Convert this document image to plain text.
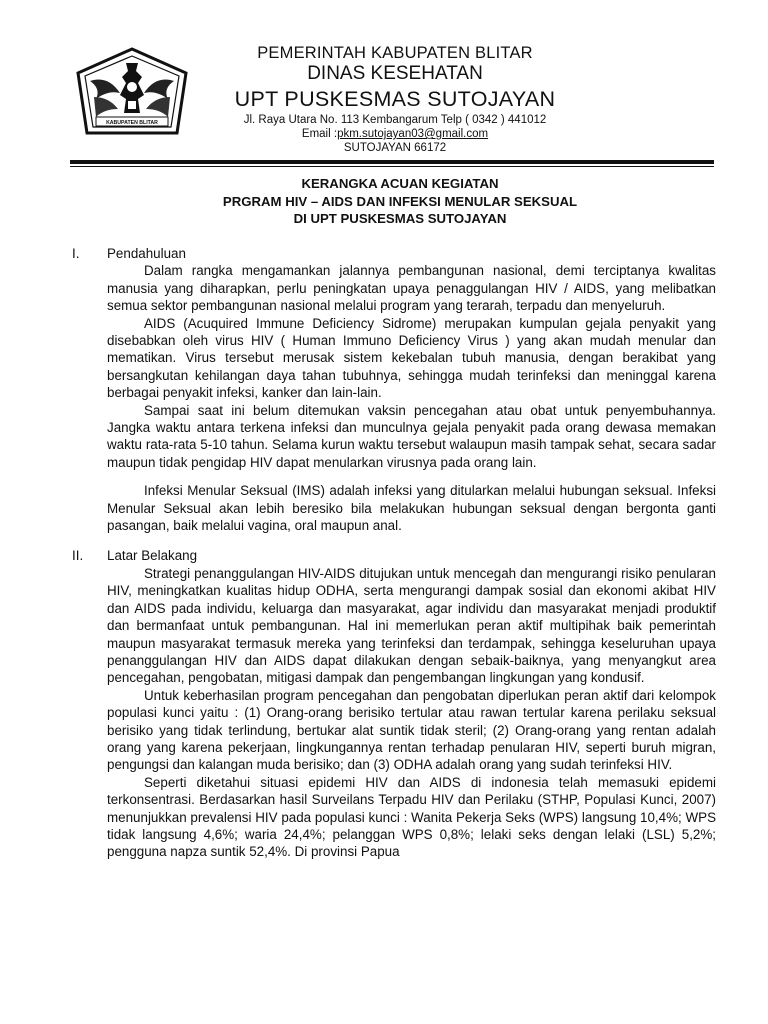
KABUPATEN BLITAR
PEMERINTAH KABUPATEN BLITAR
DINAS KESEHATAN
UPT PUSKESMAS SUTOJAYAN
Jl. Raya Utara No. 113 Kembangarum Telp ( 0342 ) 441012
Email :pkm.sutojayan03@gmail.com
SUTOJAYAN 66172
KERANGKA ACUAN KEGIATAN
PRGRAM HIV – AIDS DAN INFEKSI MENULAR SEKSUAL
DI UPT PUSKESMAS SUTOJAYAN
I. Pendahuluan

Dalam rangka mengamankan jalannya pembangunan nasional, demi terciptanya kwalitas manusia yang diharapkan, perlu peningkatan upaya penaggulangan HIV / AIDS, yang melibatkan semua sektor pembangunan nasional melalui program yang terarah, terpadu dan menyeluruh.

AIDS (Acuquired Immune Deficiency Sidrome) merupakan kumpulan gejala penyakit yang disebabkan oleh virus HIV ( Human Immuno Deficiency Virus ) yang akan mudah menular dan mematikan. Virus tersebut merusak sistem kekebalan tubuh manusia, dengan berakibat yang bersangkutan kehilangan daya tahan tubuhnya, sehingga mudah terinfeksi dan meninggal karena berbagai penyakit infeksi, kanker dan lain-lain.

Sampai saat ini belum ditemukan vaksin pencegahan atau obat untuk penyembuhannya. Jangka waktu antara terkena infeksi dan munculnya gejala penyakit pada orang dewasa memakan waktu rata-rata 5-10 tahun. Selama kurun waktu tersebut walaupun masih tampak sehat, secara sadar maupun tidak pengidap HIV dapat menularkan virusnya pada orang lain.

Infeksi Menular Seksual (IMS) adalah infeksi yang ditularkan melalui hubungan seksual. Infeksi Menular Seksual akan lebih beresiko bila melakukan hubungan seksual dengan bergonta ganti pasangan, baik melalui vagina, oral maupun anal.

II. Latar Belakang

Strategi penanggulangan HIV-AIDS ditujukan untuk mencegah dan mengurangi risiko penularan HIV, meningkatkan kualitas hidup ODHA, serta mengurangi dampak sosial dan ekonomi akibat HIV dan AIDS pada individu, keluarga dan masyarakat, agar individu dan masyarakat menjadi produktif dan bermanfaat untuk pembangunan. Hal ini memerlukan peran aktif multipihak baik pemerintah maupun masyarakat termasuk mereka yang terinfeksi dan terdampak, sehingga keseluruhan upaya penanggulangan HIV dan AIDS dapat dilakukan dengan sebaik-baiknya, yang menyangkut area pencegahan, pengobatan, mitigasi dampak dan pengembangan lingkungan yang kondusif.

Untuk keberhasilan program pencegahan dan pengobatan diperlukan peran aktif dari kelompok populasi kunci yaitu : (1) Orang-orang berisiko tertular atau rawan tertular karena perilaku seksual berisiko yang tidak terlindung, bertukar alat suntik tidak steril; (2) Orang-orang yang rentan adalah orang yang karena pekerjaan, lingkungannya rentan terhadap penularan HIV, seperti buruh migran, pengungsi dan kalangan muda berisiko; dan (3) ODHA adalah orang yang sudah terinfeksi HIV.

Seperti diketahui situasi epidemi HIV dan AIDS di indonesia telah memasuki epidemi terkonsentrasi. Berdasarkan hasil Surveilans Terpadu HIV dan Perilaku (STHP, Populasi Kunci, 2007) menunjukkan prevalensi HIV pada populasi kunci : Wanita Pekerja Seks (WPS) langsung 10,4%; WPS tidak langsung 4,6%; waria 24,4%; pelanggan WPS 0,8%; lelaki seks dengan lelaki (LSL) 5,2%; pengguna napza suntik 52,4%. Di provinsi Papua
